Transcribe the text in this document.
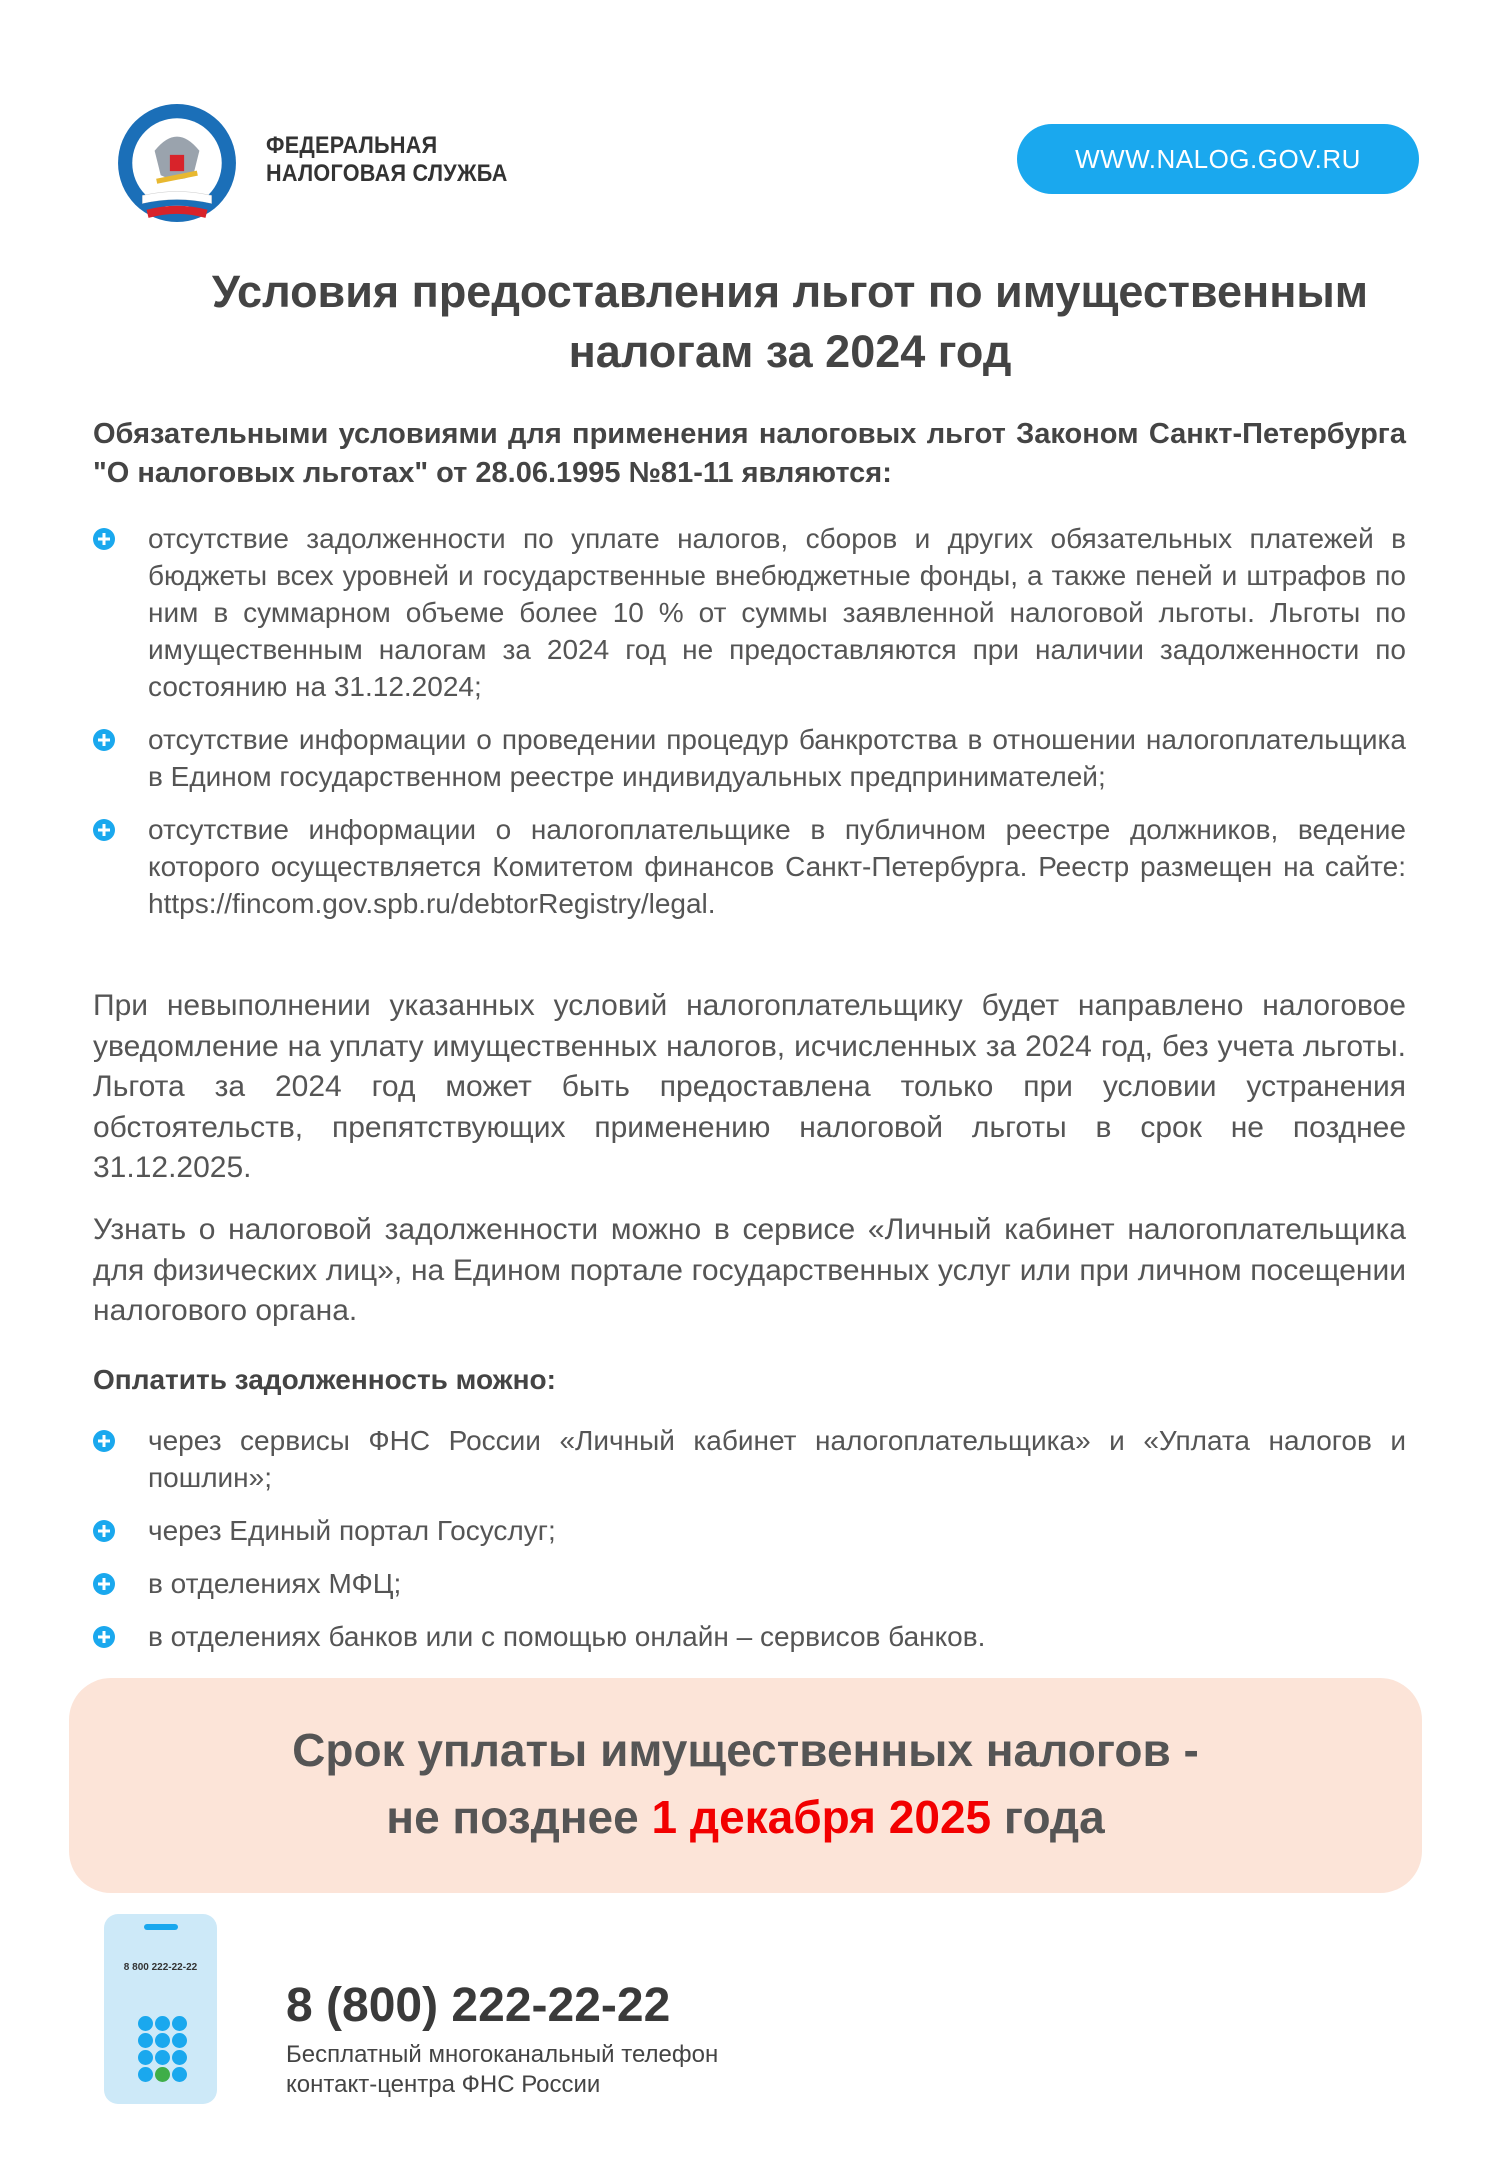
ФЕДЕРАЛЬНАЯ
НАЛОГОВАЯ СЛУЖБА	WWW.NALOG.GOV.RU
Условия предоставления льгот по имущественным
налогам за 2024 год
Обязательными условиями для применения налоговых льгот Законом Санкт-Петербурга "О налоговых льготах" от 28.06.1995 №81-11 являются:
отсутствие задолженности по уплате налогов, сборов и других обязательных платежей в бюджеты всех уровней и государственные внебюджетные фонды, а также пеней и штрафов по ним в суммарном объеме более 10 % от суммы заявленной налоговой льготы. Льготы по имущественным налогам за 2024 год не предоставляются при наличии задолженности по состоянию на 31.12.2024;
отсутствие информации о проведении процедур банкротства в отношении налогоплательщика в Едином государственном реестре индивидуальных предпринимателей;
отсутствие информации о налогоплательщике в публичном реестре должников, ведение которого осуществляется Комитетом финансов Санкт-Петербурга. Реестр размещен на сайте: https://fincom.gov.spb.ru/debtorRegistry/legal.
При невыполнении указанных условий налогоплательщику будет направлено налоговое уведомление на уплату имущественных налогов, исчисленных за 2024 год, без учета льготы. Льгота за 2024 год может быть предоставлена только при условии устранения обстоятельств, препятствующих применению налоговой льготы в срок не позднее 31.12.2025.
Узнать о налоговой задолженности можно в сервисе «Личный кабинет налогоплательщика для физических лиц», на Едином портале государственных услуг или при личном посещении налогового органа.
Оплатить задолженность можно:
через сервисы ФНС России «Личный кабинет налогоплательщика» и «Уплата налогов и пошлин»;
через Единый портал Госуслуг;
в отделениях МФЦ;
в отделениях банков или с помощью онлайн – сервисов банков.
Срок уплаты имущественных налогов -
не позднее 1 декабря 2025 года
8 800 222-22-22
8 (800) 222-22-22
Бесплатный многоканальный телефон
контакт-центра ФНС России
